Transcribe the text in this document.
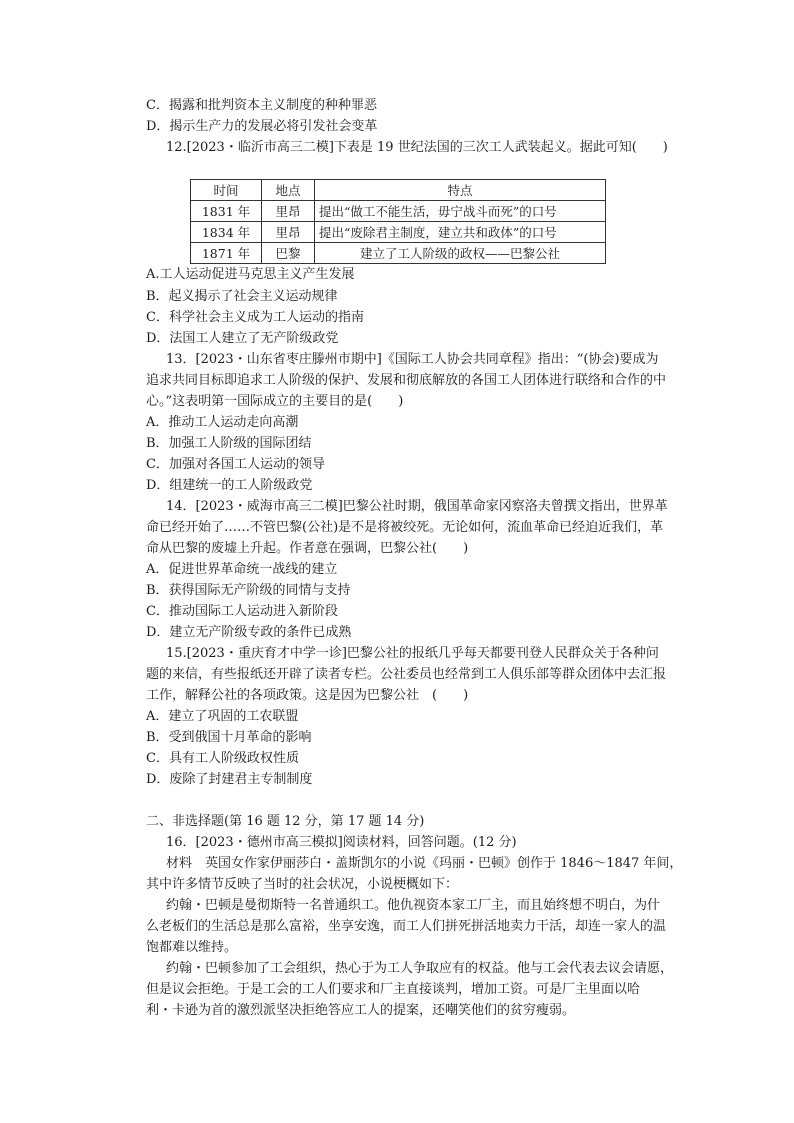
C．揭露和批判资本主义制度的种种罪恶
D．揭示生产力的发展必将引发社会变革
12.[2023・临沂市高三二模]下表是 19 世纪法国的三次工人武装起义。据此可知(　　)
时间	地点	特点
1831 年	里昂	提出“做工不能生活，毋宁战斗而死”的口号
1834 年	里昂	提出“废除君主制度，建立共和政体”的口号
1871 年	巴黎	建立了工人阶级的政权——巴黎公社
A.工人运动促进马克思主义产生发展
B．起义揭示了社会主义运动规律
C．科学社会主义成为工人运动的指南
D．法国工人建立了无产阶级政党
13．[2023・山东省枣庄滕州市期中]《国际工人协会共同章程》指出：“(协会)要成为
追求共同目标即追求工人阶级的保护、发展和彻底解放的各国工人团体进行联络和合作的中
心。”这表明第一国际成立的主要目的是(　　)
A．推动工人运动走向高潮
B．加强工人阶级的国际团结
C．加强对各国工人运动的领导
D．组建统一的工人阶级政党
14．[2023・威海市高三二模]巴黎公社时期，俄国革命家冈察洛夫曾撰文指出，世界革
命已经开始了……不管巴黎(公社)是不是将被绞死。无论如何，流血革命已经迫近我们，革
命从巴黎的废墟上升起。作者意在强调，巴黎公社(　　)
A．促进世界革命统一战线的建立
B．获得国际无产阶级的同情与支持
C．推动国际工人运动进入新阶段
D．建立无产阶级专政的条件已成熟
15.[2023・重庆育才中学一诊]巴黎公社的报纸几乎每天都要刊登人民群众关于各种问
题的来信，有些报纸还开辟了读者专栏。公社委员也经常到工人俱乐部等群众团体中去汇报
工作，解释公社的各项政策。这是因为巴黎公社　(　　)
A．建立了巩固的工农联盟
B．受到俄国十月革命的影响
C．具有工人阶级政权性质
D．废除了封建君主专制制度
二、非选择题(第 16 题 12 分，第 17 题 14 分)
16．[2023・德州市高三模拟]阅读材料，回答问题。(12 分)
材料　英国女作家伊丽莎白・盖斯凯尔的小说《玛丽・巴顿》创作于 1846～1847 年间，
其中许多情节反映了当时的社会状况，小说梗概如下：
约翰・巴顿是曼彻斯特一名普通织工。他仇视资本家工厂主，而且始终想不明白，为什
么老板们的生活总是那么富裕，坐享安逸，而工人们拼死拼活地卖力干活，却连一家人的温
饱都难以维持。
约翰・巴顿参加了工会组织，热心于为工人争取应有的权益。他与工会代表去议会请愿，
但是议会拒绝。于是工会的工人们要求和厂主直接谈判，增加工资。可是厂主里面以哈
利・卡逊为首的激烈派坚决拒绝答应工人的提案，还嘲笑他们的贫穷瘦弱。
